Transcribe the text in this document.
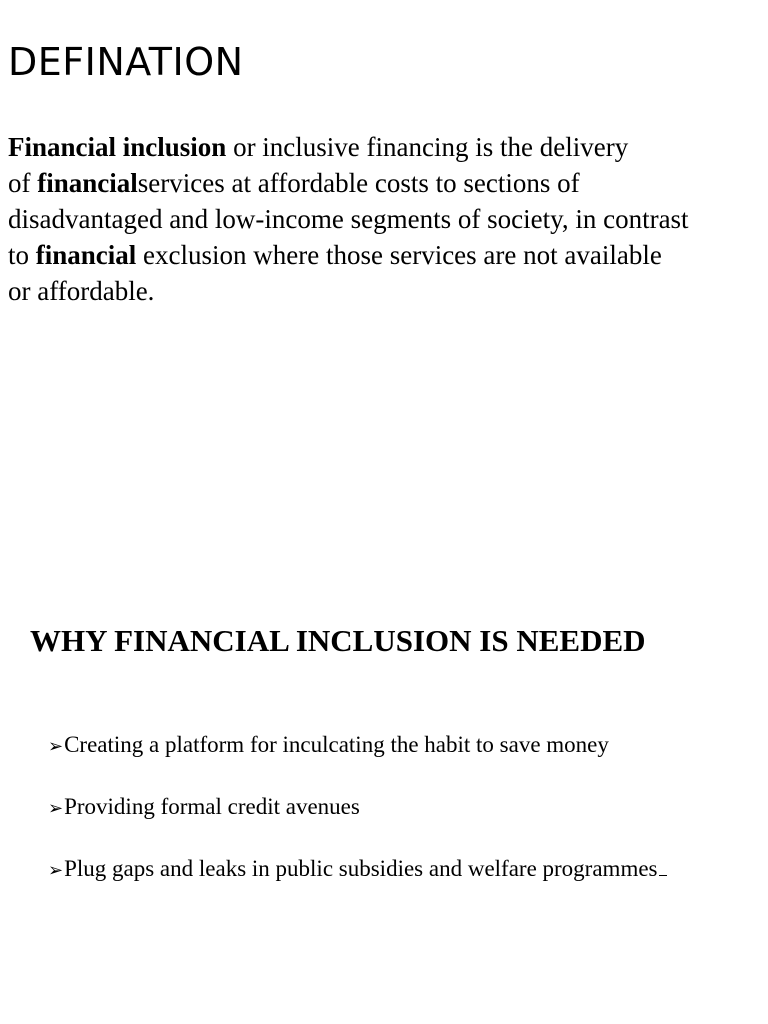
DEFINATION

Financial inclusion or inclusive financing is the delivery
of financialservices at affordable costs to sections of
disadvantaged and low-income segments of society, in contrast
to financial exclusion where those services are not available
or affordable.

WHY FINANCIAL INCLUSION IS NEEDED
➢ Creating a platform for inculcating the habit to save money
➢ Providing formal credit avenues
➢ Plug gaps and leaks in public subsidies and welfare programmes
